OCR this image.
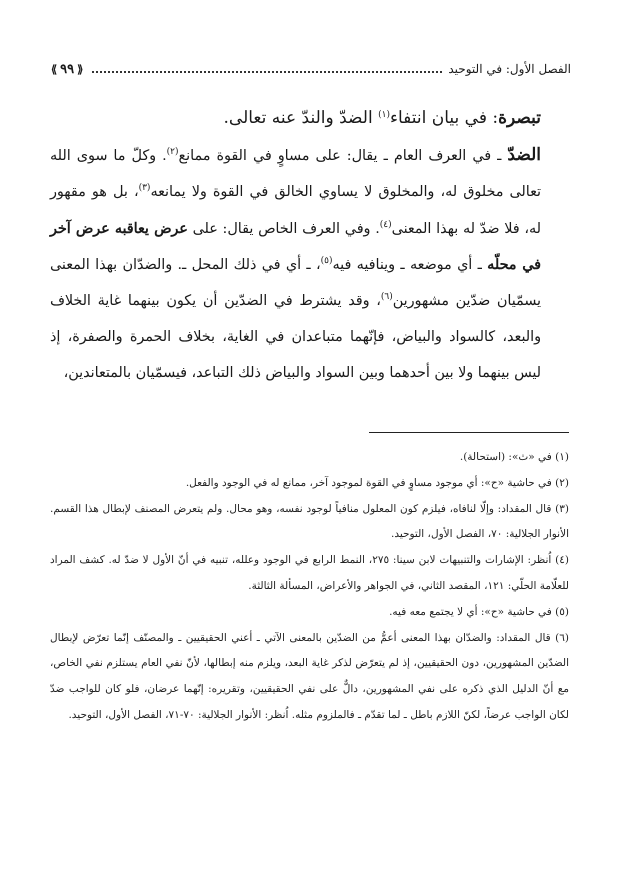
الفصل الأول: في التوحيد
⟪٩٩⟫

تبصرة: في بيان انتفاء$^{(١)}$ الضدّ والندّ عنه تعالى.

الضدّ ـ في العرف العام ـ يقال: على مساوٍ في القوة ممانع$^{(٢)}$. وكلّ ما سوى الله تعالى مخلوق له، والمخلوق لا يساوي الخالق في القوة ولا يمانعه$^{(٣)}$، بل هو مقهور له، فلا ضدّ له بهذا المعنى$^{(٤)}$. وفي العرف الخاص يقال: على عرض يعاقبه عرض آخر في محلّه ـ أي موضعه ـ وينافيه فيه$^{(٥)}$، ـ أي في ذلك المحل ـ. والضدّان بهذا المعنى يسمّيان ضدّين مشهورين$^{(٦)}$، وقد يشترط في الضدّين أن يكون بينهما غاية الخلاف والبعد، كالسواد والبياض، فإنّهما متباعدان في الغاية، بخلاف الحمرة والصفرة، إذ ليس بينهما ولا بين أحدهما وبين السواد والبياض ذلك التباعد، فيسمّيان بالمتعاندين،

(١) في «ث»: (استحالة).

(٢) في حاشية «ح»: أي موجود مساوٍ في القوة لموجود آخر، ممانع له في الوجود والفعل.

(٣) قال المقداد: وإلّا لنافاه، فيلزم كون المعلول منافياً لوجود نفسه، وهو محال. ولم يتعرض المصنف لإبطال هذا القسم. الأنوار الجلالية: ٧٠، الفصل الأول، التوحيد.

(٤) اُنظر: الإشارات والتنبيهات لابن سينا: ٢٧٥، النمط الرابع في الوجود وعلله، تنبيه في أنّ الأول لا ضدّ له. كشف المراد للعلّامة الحلّي: ١٢١، المقصد الثاني، في الجواهر والأعراض، المسألة الثالثة.

(٥) في حاشية «ح»: أي لا يجتمع معه فيه.

(٦) قال المقداد: والضدّان بهذا المعنى أعمُّ من الضدّين بالمعنى الآتي ـ أعني الحقيقيين ـ والمصنّف إنّما تعرّض لإبطال الضدّين المشهورين، دون الحقيقيين، إذ لم يتعرّض لذكر غاية البعد، ويلزم منه إبطالها، لأنّ نفي العام يستلزم نفي الخاص، مع أنّ الدليل الذي ذكره على نفي المشهورين، دالٌّ على نفي الحقيقيين، وتقريره: إنّهما عرضان، فلو كان للواجب ضدّ لكان الواجب عرضاً، لكنّ اللازم باطل ـ لما تقدّم ـ فالملزوم مثله. اُنظر: الأنوار الجلالية: ٧٠-٧١، الفصل الأول، التوحيد.
